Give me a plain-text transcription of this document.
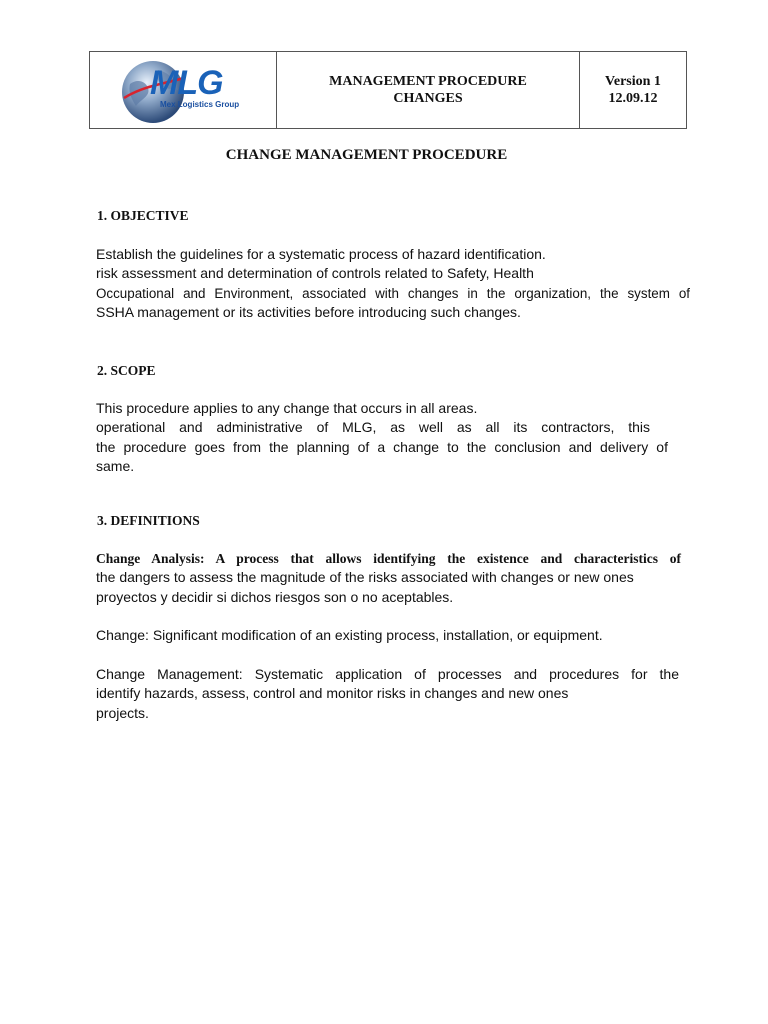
MLG
Mex Logistics Group
MANAGEMENT PROCEDURE
CHANGES
Version 1
12.09.12
CHANGE MANAGEMENT PROCEDURE
1. OBJECTIVE
Establish the guidelines for a systematic process of hazard identification.
risk assessment and determination of controls related to Safety, Health
Occupational and Environment, associated with changes in the organization, the system of
SSHA management or its activities before introducing such changes.
2. SCOPE
This procedure applies to any change that occurs in all areas.
operational and administrative of MLG, as well as all its contractors, this
the procedure goes from the planning of a change to the conclusion and delivery of
same.
3. DEFINITIONS
Change Analysis: A process that allows identifying the existence and characteristics of
the dangers to assess the magnitude of the risks associated with changes or new ones
proyectos y decidir si dichos riesgos son o no aceptables.
Change: Significant modification of an existing process, installation, or equipment.
Change Management: Systematic application of processes and procedures for the
identify hazards, assess, control and monitor risks in changes and new ones
projects.
